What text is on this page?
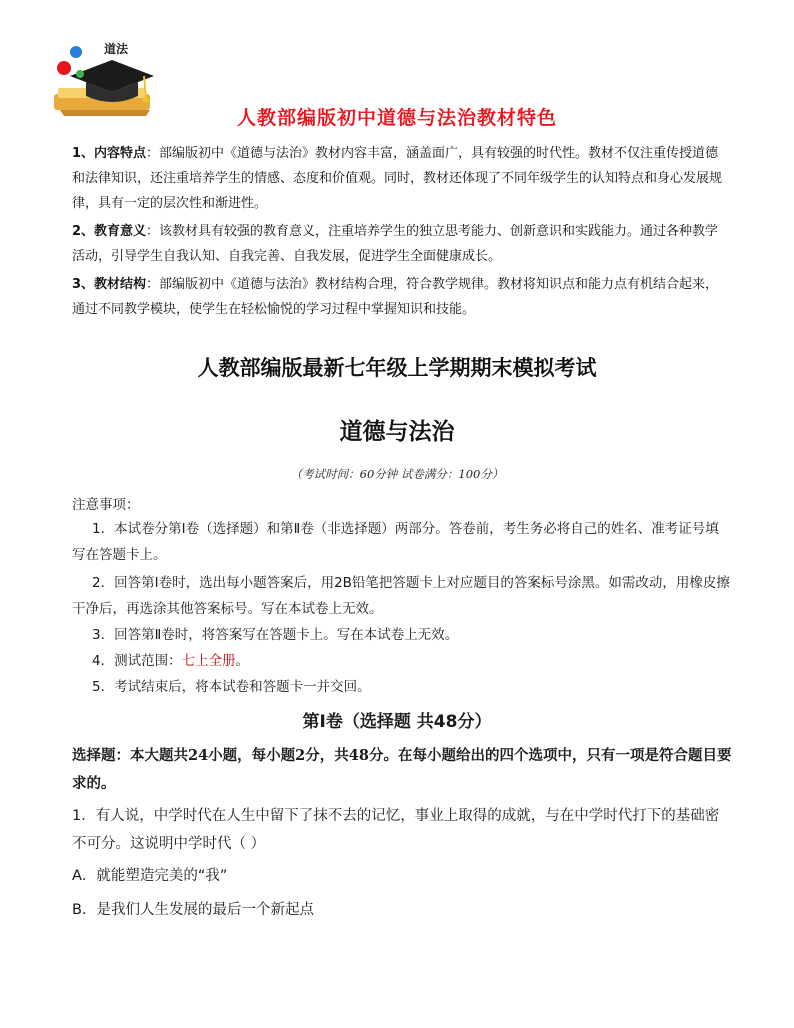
道法
人教部编版初中道德与法治教材特色
1、内容特点：部编版初中《道德与法治》教材内容丰富，涵盖面广，具有较强的时代性。教材不仅注重传授道德和法律知识，还注重培养学生的情感、态度和价值观。同时，教材还体现了不同年级学生的认知特点和身心发展规律，具有一定的层次性和渐进性。
2、教育意义：该教材具有较强的教育意义，注重培养学生的独立思考能力、创新意识和实践能力。通过各种教学活动，引导学生自我认知、自我完善、自我发展，促进学生全面健康成长。
3、教材结构：部编版初中《道德与法治》教材结构合理，符合教学规律。教材将知识点和能力点有机结合起来，通过不同教学模块，使学生在轻松愉悦的学习过程中掌握知识和技能。
人教部编版最新七年级上学期期末模拟考试
道德与法治
（考试时间：60分钟 试卷满分：100分）
注意事项：
1．本试卷分第Ⅰ卷（选择题）和第Ⅱ卷（非选择题）两部分。答卷前，考生务必将自己的姓名、准考证号填写在答题卡上。
2．回答第Ⅰ卷时，选出每小题答案后，用2B铅笔把答题卡上对应题目的答案标号涂黑。如需改动，用橡皮擦干净后，再选涂其他答案标号。写在本试卷上无效。
3．回答第Ⅱ卷时，将答案写在答题卡上。写在本试卷上无效。
4．测试范围：七上全册。
5．考试结束后，将本试卷和答题卡一并交回。
第Ⅰ卷（选择题 共48分）
选择题：本大题共24小题，每小题2分，共48分。在每小题给出的四个选项中，只有一项是符合题目要求的。
1．有人说，中学时代在人生中留下了抹不去的记忆，事业上取得的成就，与在中学时代打下的基础密不可分。这说明中学时代（ ）
A．就能塑造完美的“我”
B．是我们人生发展的最后一个新起点
